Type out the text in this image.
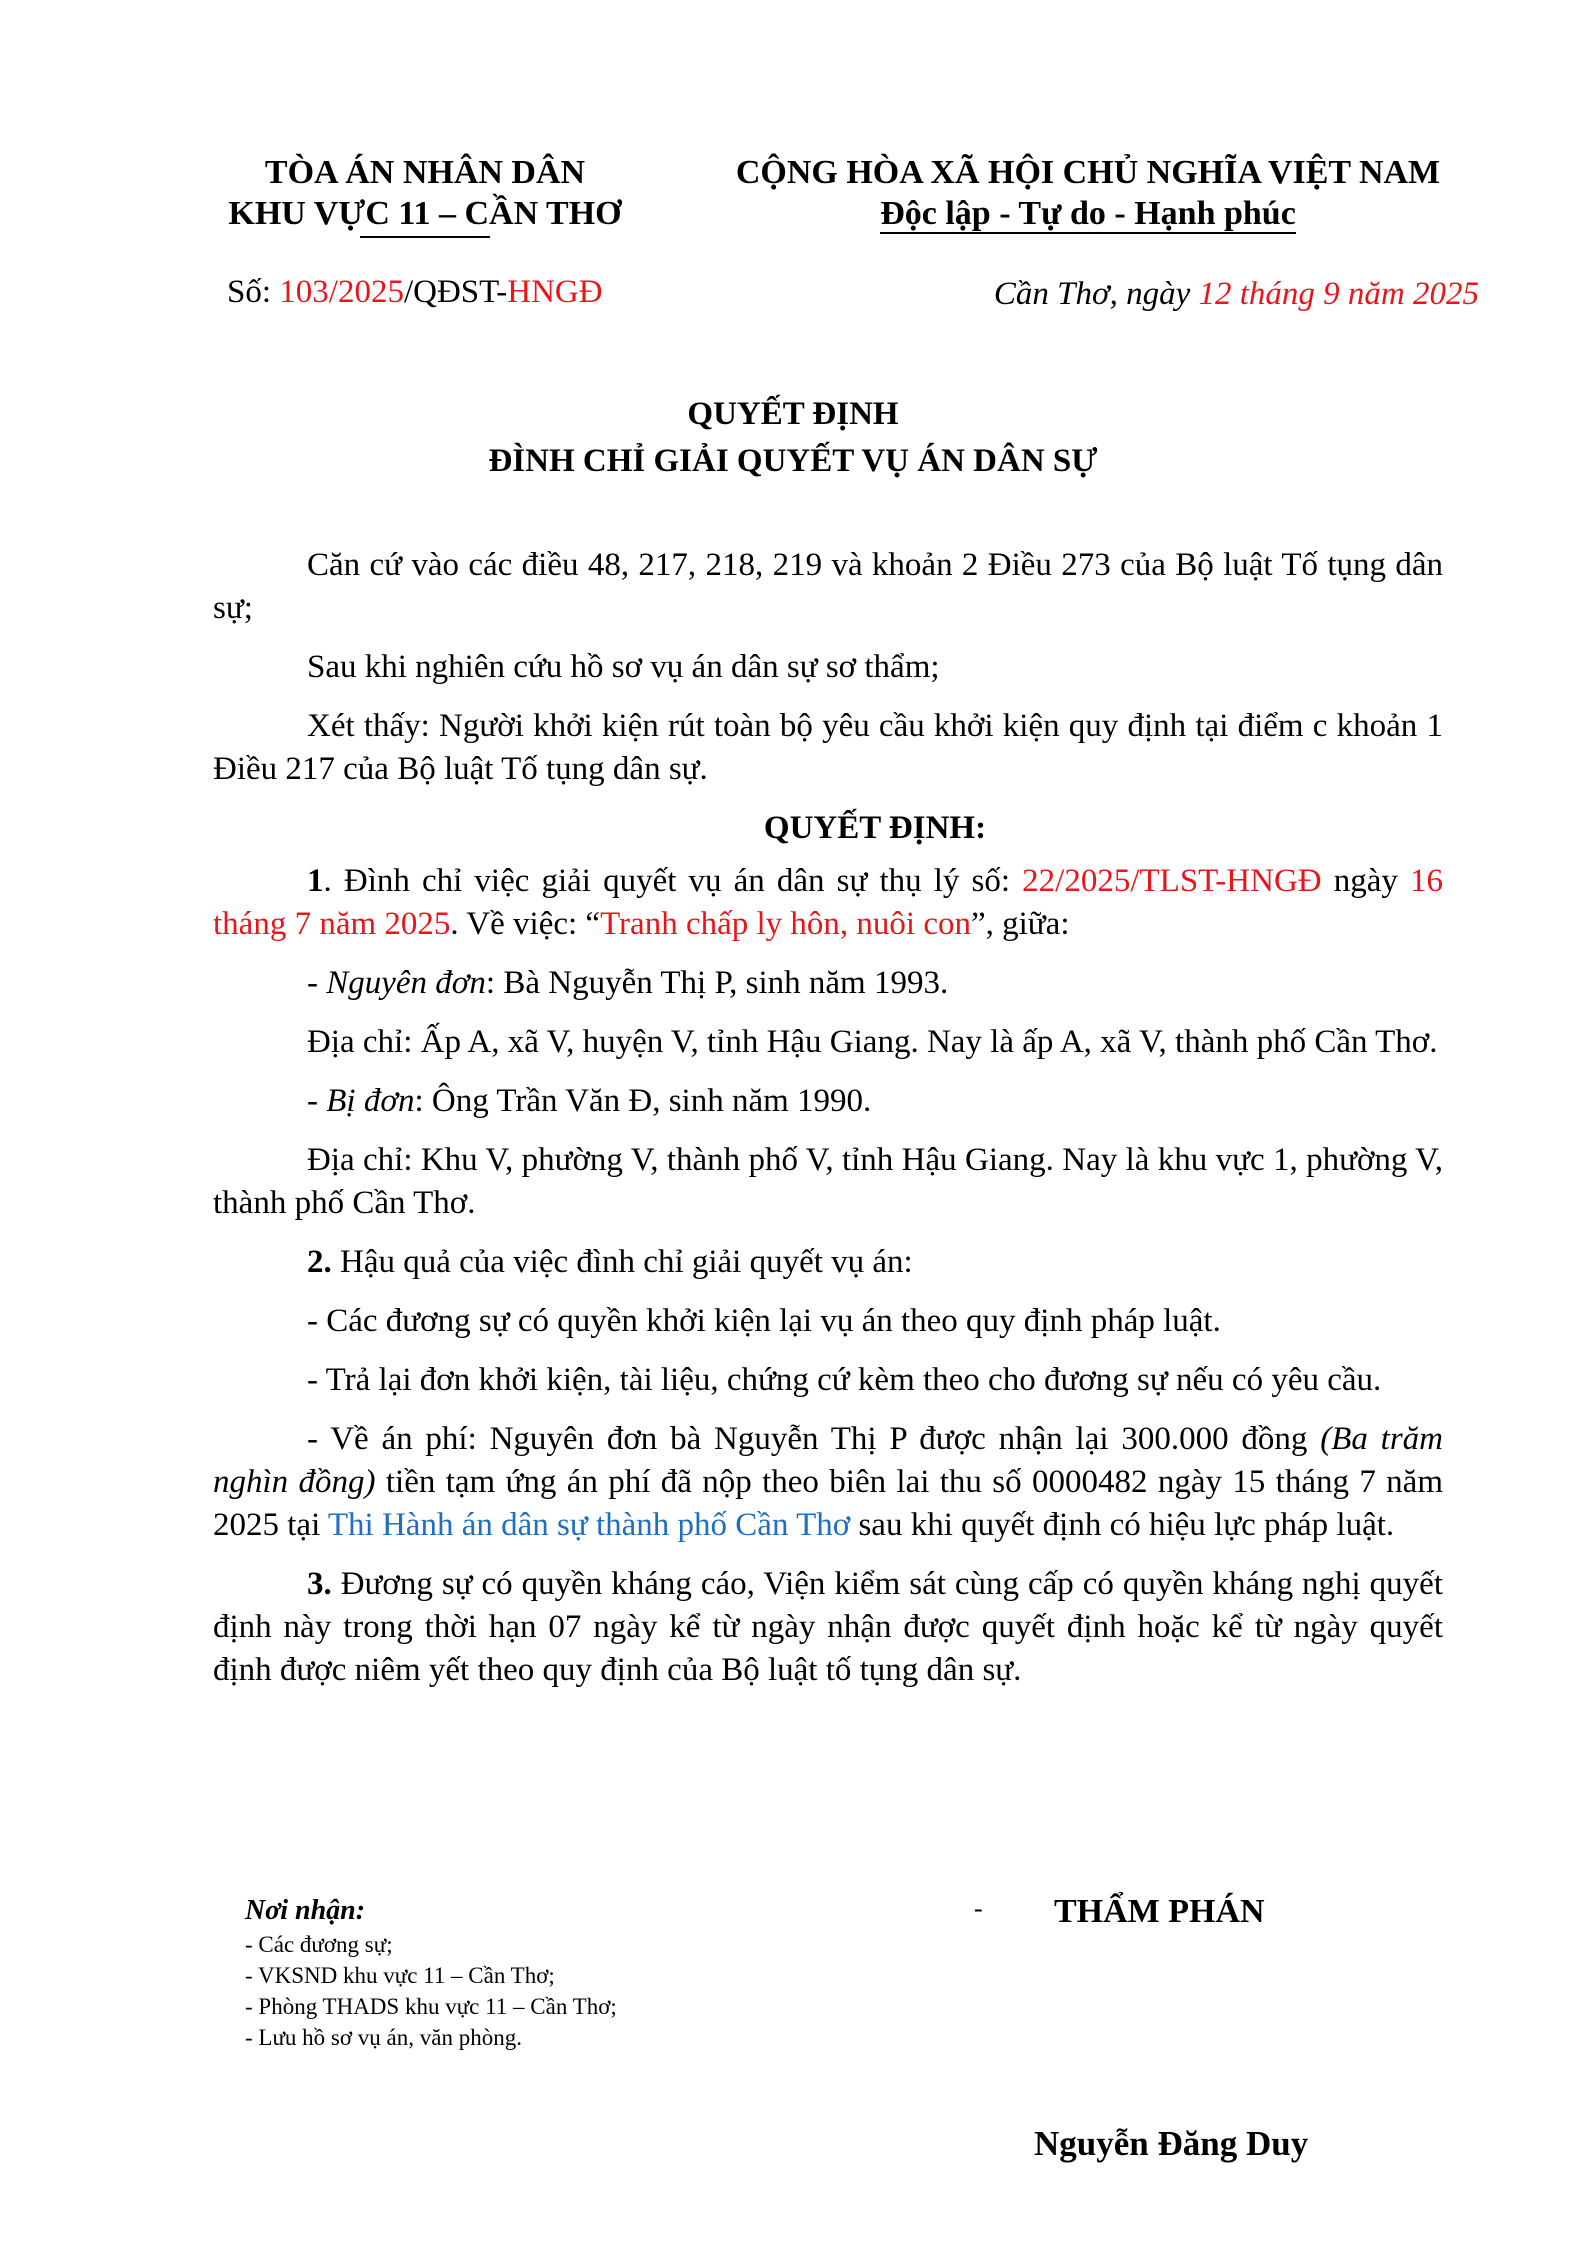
TÒA ÁN NHÂN DÂN
KHU VỰC 11 – CẦN THƠ
CỘNG HÒA XÃ HỘI CHỦ NGHĨA VIỆT NAM
Độc lập - Tự do - Hạnh phúc
Số: 103/2025/QĐST-HNGĐ	Cần Thơ, ngày 12 tháng 9 năm 2025
QUYẾT ĐỊNH
ĐÌNH CHỈ GIẢI QUYẾT VỤ ÁN DÂN SỰ

Căn cứ vào các điều 48, 217, 218, 219 và khoản 2 Điều 273 của Bộ luật Tố tụng dân sự;

Sau khi nghiên cứu hồ sơ vụ án dân sự sơ thẩm;

Xét thấy: Người khởi kiện rút toàn bộ yêu cầu khởi kiện quy định tại điểm c khoản 1 Điều 217 của Bộ luật Tố tụng dân sự.

QUYẾT ĐỊNH:

1. Đình chỉ việc giải quyết vụ án dân sự thụ lý số: 22/2025/TLST-HNGĐ ngày 16 tháng 7 năm 2025. Về việc: “Tranh chấp ly hôn, nuôi con”, giữa:

- Nguyên đơn: Bà Nguyễn Thị P, sinh năm 1993.

Địa chỉ: Ấp A, xã V, huyện V, tỉnh Hậu Giang. Nay là ấp A, xã V, thành phố Cần Thơ.

- Bị đơn: Ông Trần Văn Đ, sinh năm 1990.

Địa chỉ: Khu V, phường V, thành phố V, tỉnh Hậu Giang. Nay là khu vực 1, phường V, thành phố Cần Thơ.

2. Hậu quả của việc đình chỉ giải quyết vụ án:

- Các đương sự có quyền khởi kiện lại vụ án theo quy định pháp luật.

- Trả lại đơn khởi kiện, tài liệu, chứng cứ kèm theo cho đương sự nếu có yêu cầu.

- Về án phí: Nguyên đơn bà Nguyễn Thị P được nhận lại 300.000 đồng (Ba trăm nghìn đồng) tiền tạm ứng án phí đã nộp theo biên lai thu số 0000482 ngày 15 tháng 7 năm 2025 tại Thi Hành án dân sự thành phố Cần Thơ sau khi quyết định có hiệu lực pháp luật.

3. Đương sự có quyền kháng cáo, Viện kiểm sát cùng cấp có quyền kháng nghị quyết định này trong thời hạn 07 ngày kể từ ngày nhận được quyết định hoặc kể từ ngày quyết định được niêm yết theo quy định của Bộ luật tố tụng dân sự.

Nơi nhận:
- Các đương sự;
- VKSND khu vực 11 – Cần Thơ;
- Phòng THADS khu vực 11 – Cần Thơ;
- Lưu hồ sơ vụ án, văn phòng.
- THẨM PHÁN
Nguyễn Đăng Duy
